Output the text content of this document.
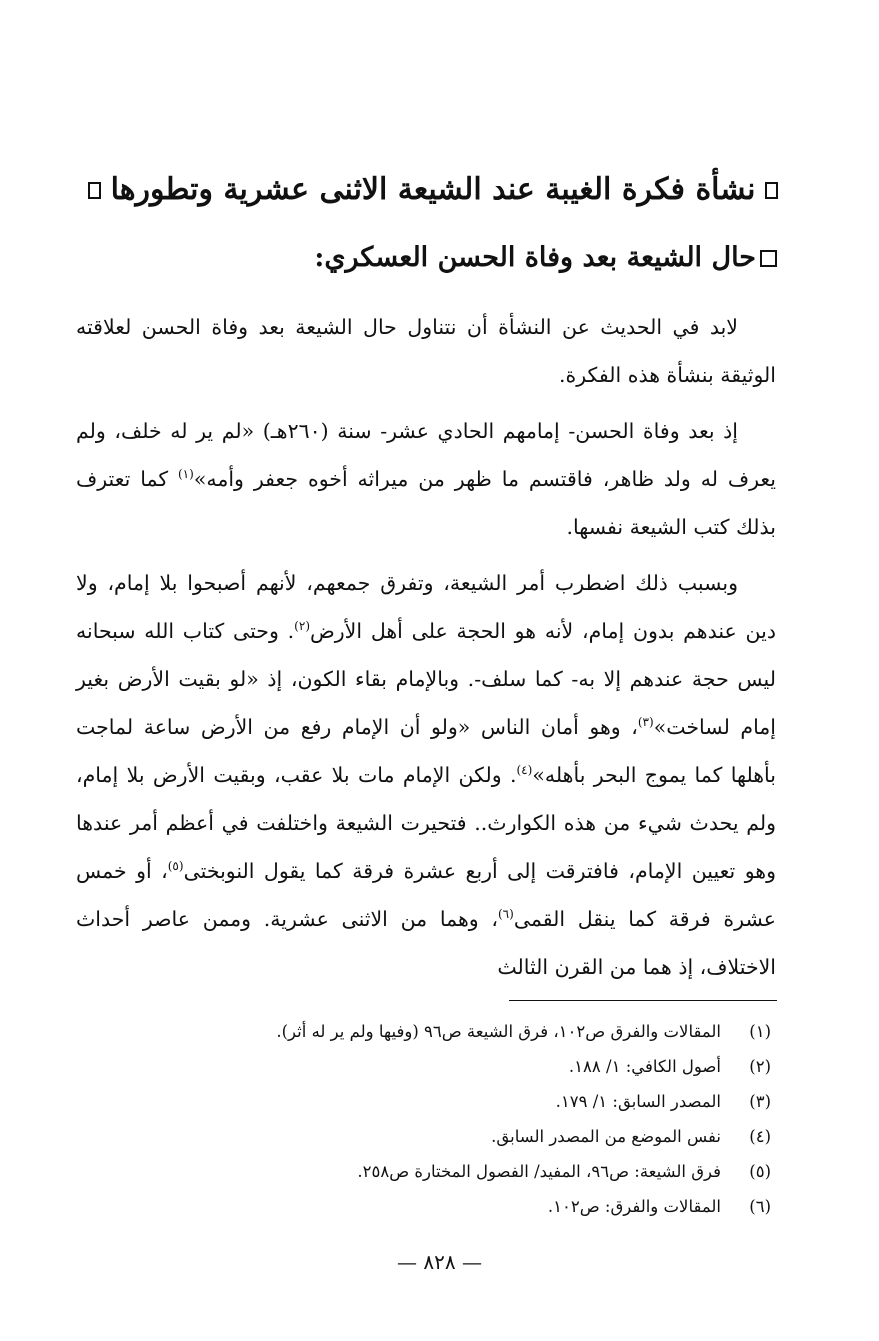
نشأة فكرة الغيبة عند الشيعة الاثنى عشرية وتطورها
حال الشيعة بعد وفاة الحسن العسكري:

لابد في الحديث عن النشأة أن نتناول حال الشيعة بعد وفاة الحسن لعلاقته الوثيقة بنشأة هذه الفكرة.

إذ بعد وفاة الحسن- إمامهم الحادي عشر- سنة (٢٦٠هـ) «لم ير له خلف، ولم يعرف له ولد ظاهر، فاقتسم ما ظهر من ميراثه أخوه جعفر وأمه»$^{(١)}$ كما تعترف بذلك كتب الشيعة نفسها.

وبسبب ذلك اضطرب أمر الشيعة، وتفرق جمعهم، لأنهم أصبحوا بلا إمام، ولا دين عندهم بدون إمام، لأنه هو الحجة على أهل الأرض$^{(٢)}$. وحتى كتاب الله سبحانه ليس حجة عندهم إلا به- كما سلف-. وبالإمام بقاء الكون، إذ «لو بقيت الأرض بغير إمام لساخت»$^{(٣)}$، وهو أمان الناس «ولو أن الإمام رفع من الأرض ساعة لماجت بأهلها كما يموج البحر بأهله»$^{(٤)}$. ولكن الإمام مات بلا عقب، وبقيت الأرض بلا إمام، ولم يحدث شيء من هذه الكوارث.. فتحيرت الشيعة واختلفت في أعظم أمر عندها وهو تعيين الإمام، فافترقت إلى أربع عشرة فرقة كما يقول النوبختى$^{(٥)}$، أو خمس عشرة فرقة كما ينقل القمى$^{(٦)}$، وهما من الاثنى عشرية. وممن عاصر أحداث الاختلاف، إذ هما من القرن الثالث

(١)
المقالات والفرق ص١٠٢، فرق الشيعة ص٩٦ (وفيها ولم ير له أثر).
(٢)
أصول الكافي: ١/ ١٨٨.
(٣)
المصدر السابق: ١/ ١٧٩.
(٤)
نفس الموضع من المصدر السابق.
(٥)
فرق الشيعة: ص٩٦، المفيد/ الفصول المختارة ص٢٥٨.
(٦)
المقالات والفرق: ص١٠٢.
— ٨٢٨ —
